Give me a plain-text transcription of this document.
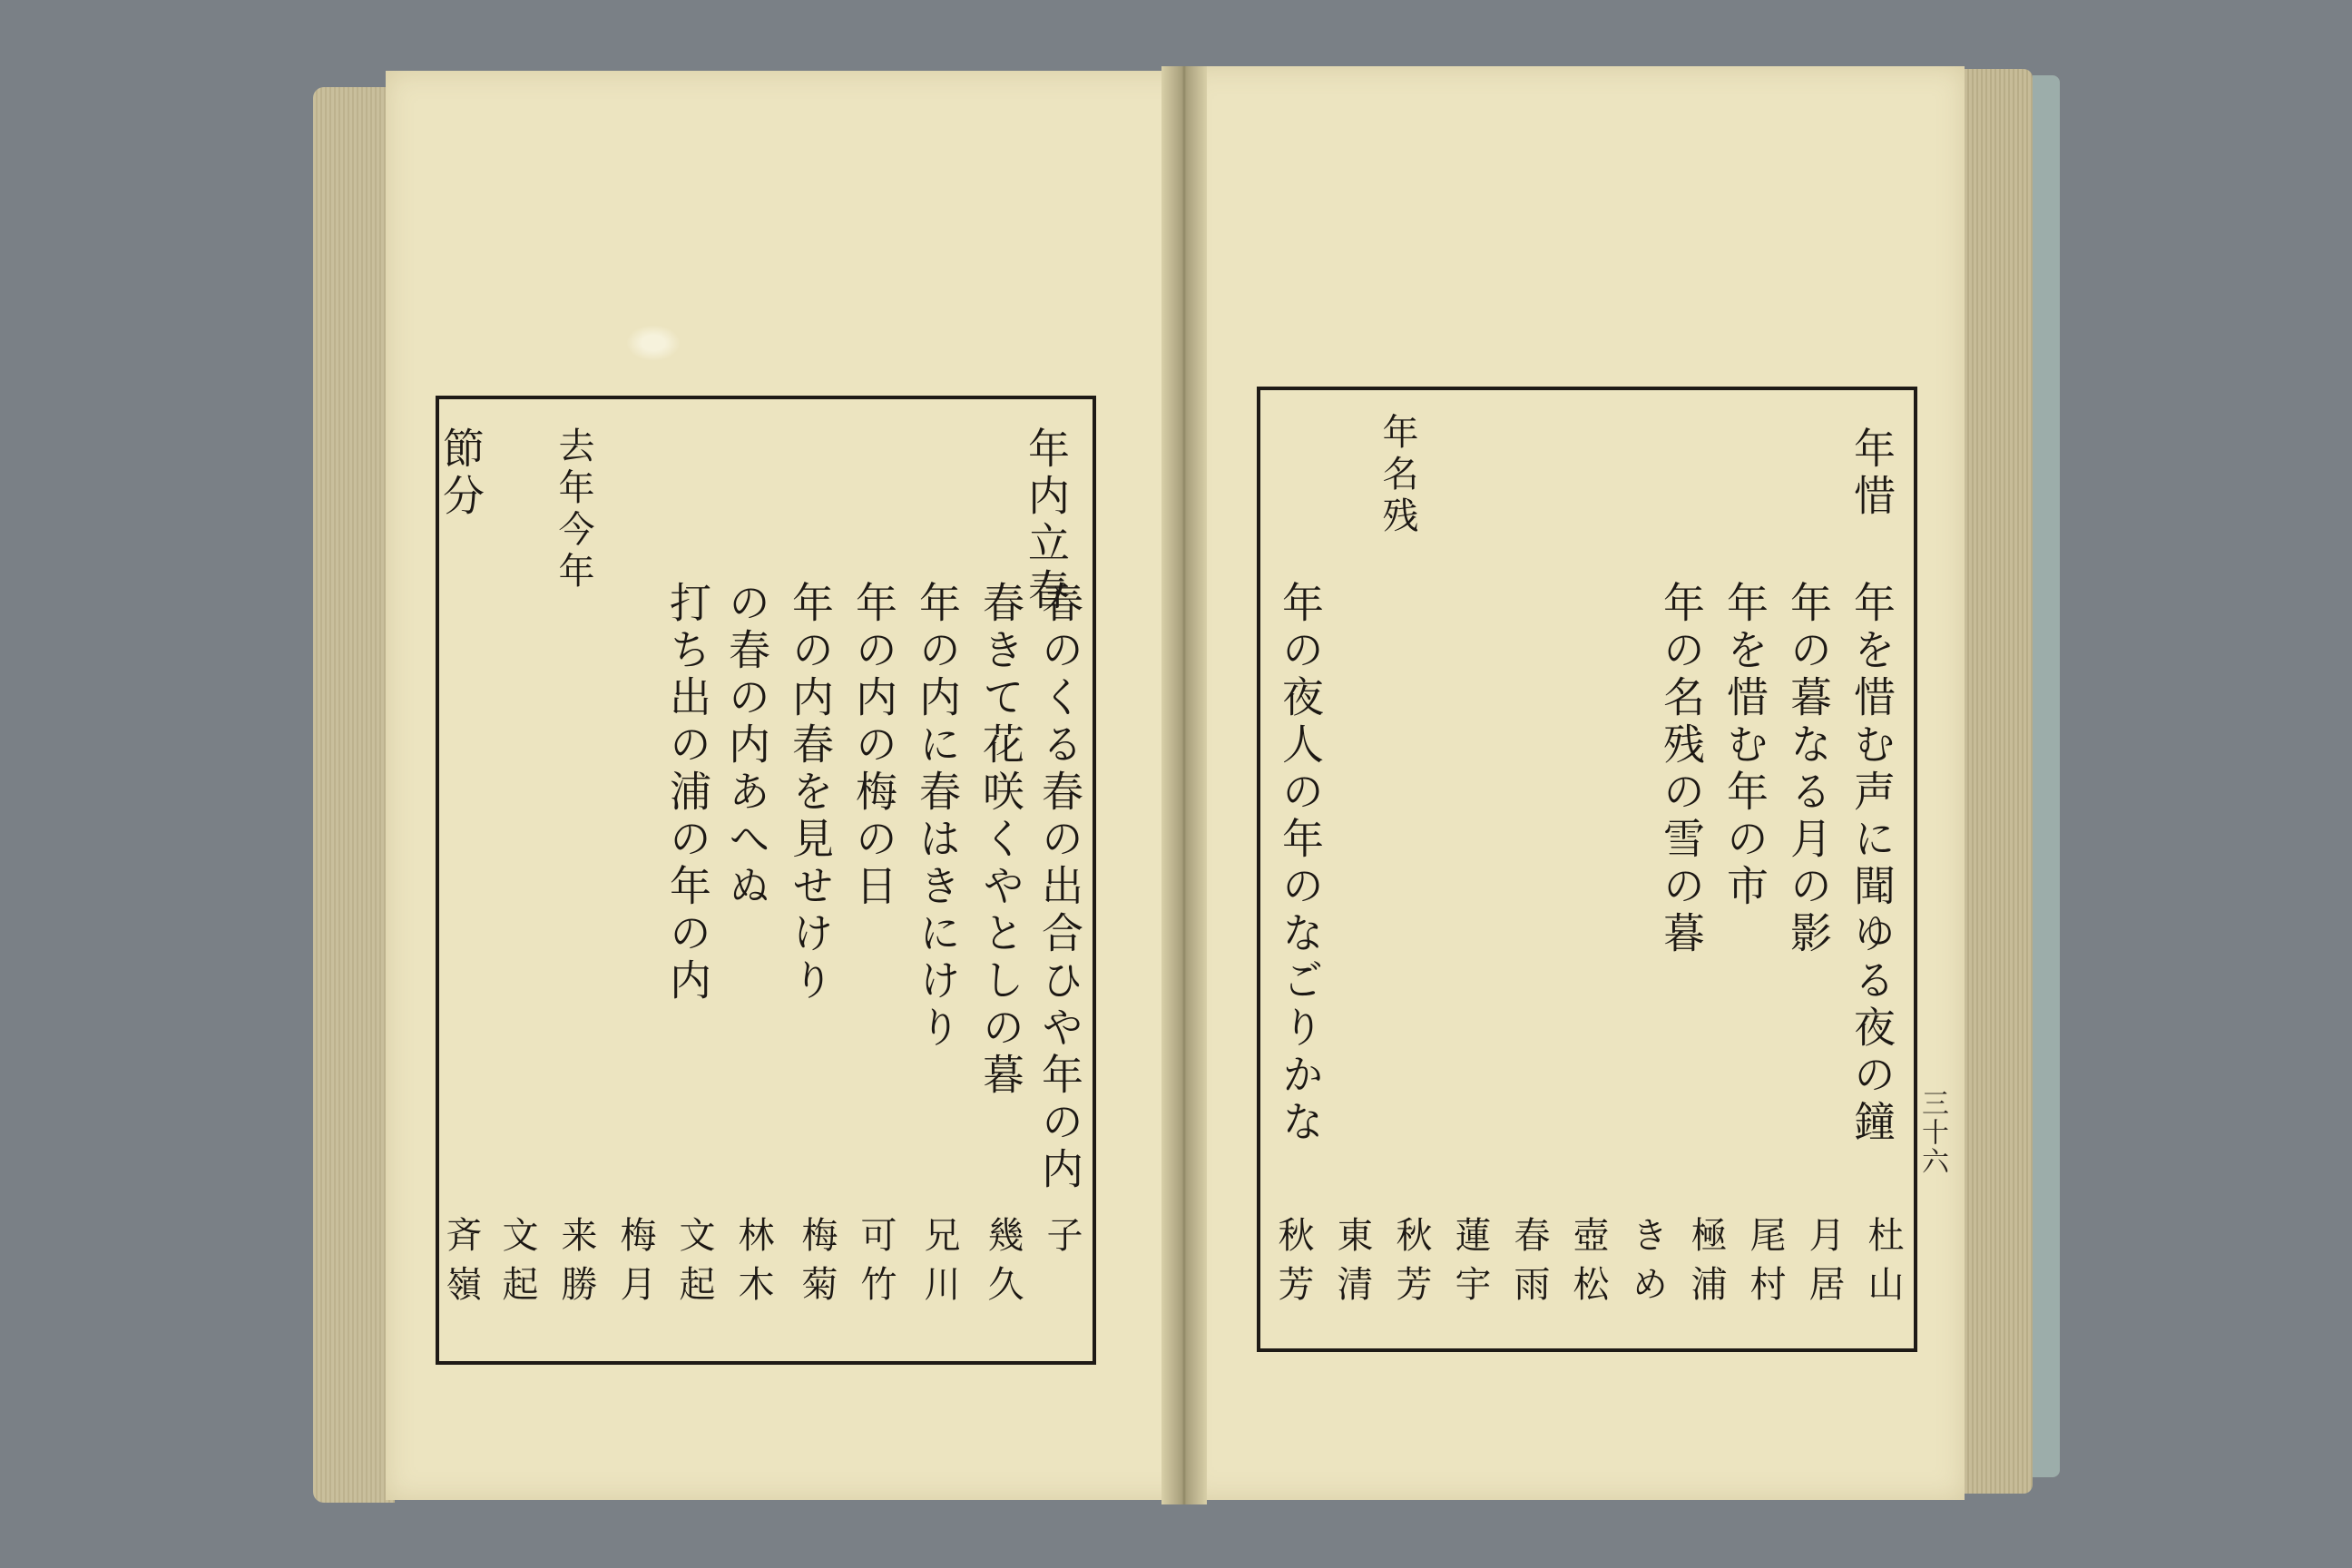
年内立春
去年今年
節分
春のくる春の出合ひや年の内
春きて花咲くやとしの暮
年の内に春はきにけり
年の内の梅の日
年の内春を見せけり
の春の内あへぬ
打ち出の浦の年の内
子
幾久
兄川
可竹
梅菊
林木
文起
梅月
来勝
文起
斉嶺
年惜
年名残
年を惜む声に聞ゆる夜の鐘
年の暮なる月の影
年を惜む年の市
年の名残の雪の暮
年の夜人の年のなごりかな
杜山
月居
尾村
極浦
きめ
壺松
春雨
蓮宇
秋芳
東清
秋芳
三十六
